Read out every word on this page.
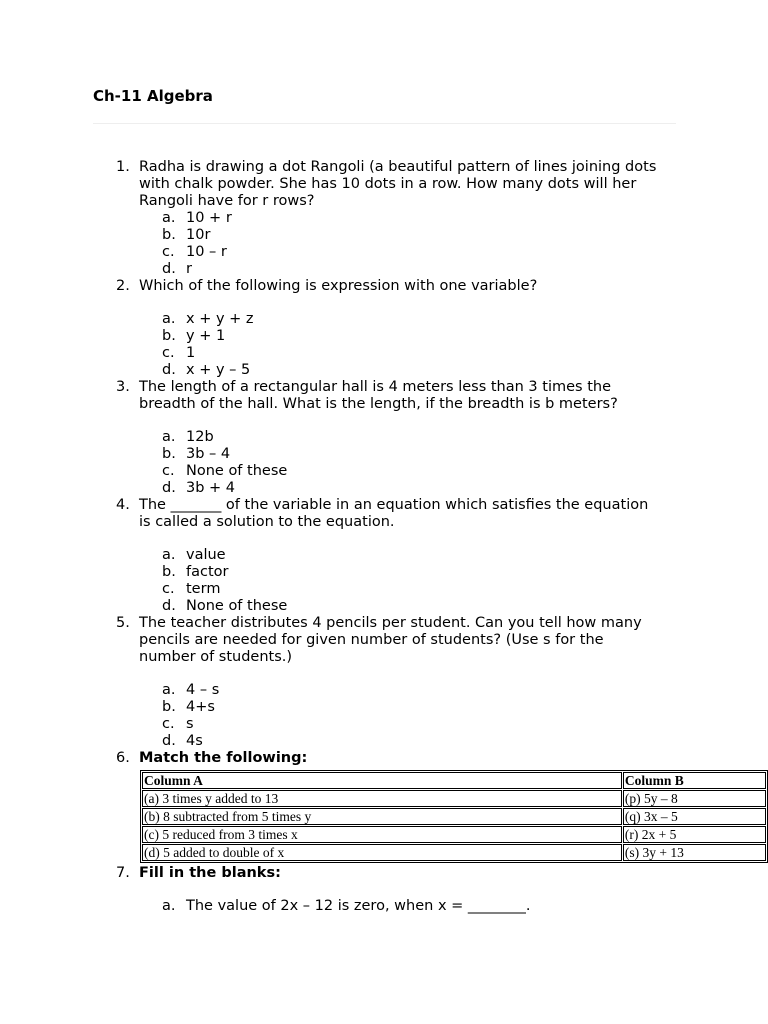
Ch-11 Algebra
1. Radha is drawing a dot Rangoli (a beautiful pattern of lines joining dots with chalk powder. She has 10 dots in a row. How many dots will her Rangoli have for r rows?
a. 10 + r
b. 10r
c. 10 – r
d. r
2. Which of the following is expression with one variable?
a. x + y + z
b. y + 1
c. 1
d. x + y – 5
3. The length of a rectangular hall is 4 meters less than 3 times the breadth of the hall. What is the length, if the breadth is b meters?
a. 12b
b. 3b – 4
c. None of these
d. 3b + 4
4. The _______ of the variable in an equation which satisfies the equation is called a solution to the equation.
a. value
b. factor
c. term
d. None of these
5. The teacher distributes 4 pencils per student. Can you tell how many pencils are needed for given number of students? (Use s for the number of students.)
a. 4 – s
b. 4+s
c. s
d. 4s
6. Match the following:
Column A	Column B
(a) 3 times y added to 13	(p) 5y – 8
(b) 8 subtracted from 5 times y	(q) 3x – 5
(c) 5 reduced from 3 times x	(r) 2x + 5
(d) 5 added to double of x	(s) 3y + 13
7. Fill in the blanks:
a. The value of 2x – 12 is zero, when x = ________.
